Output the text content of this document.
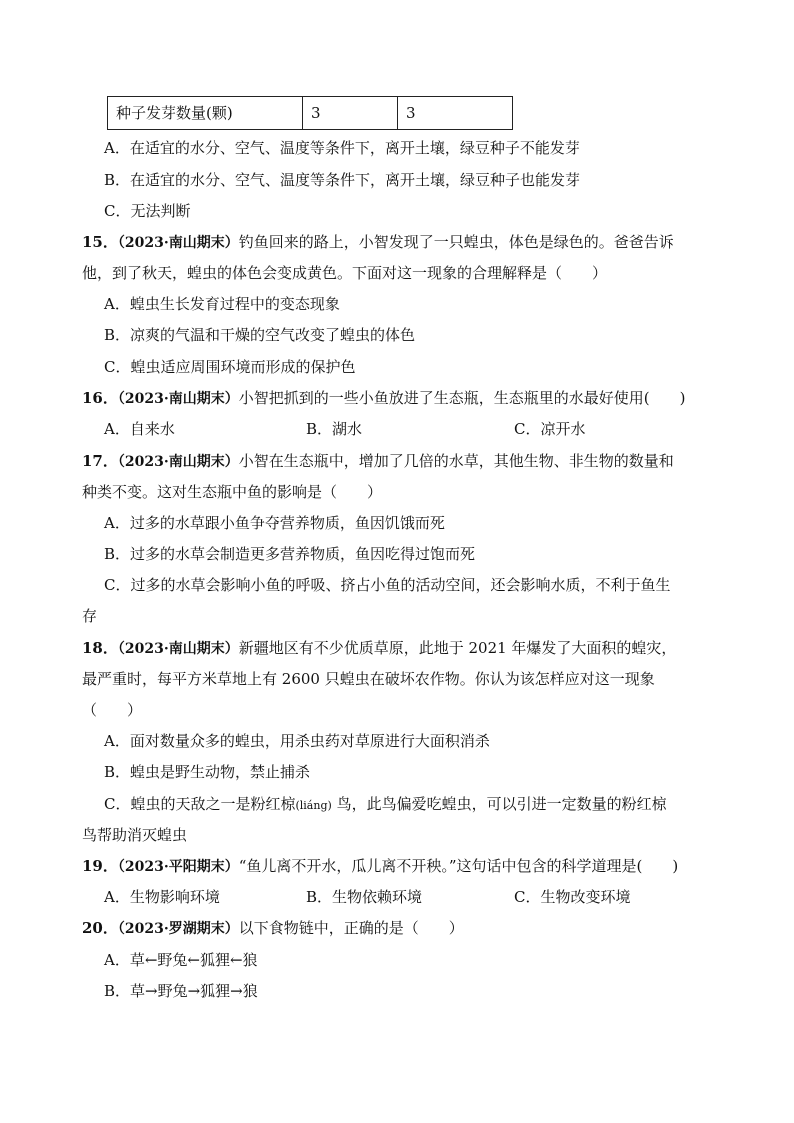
种子发芽数量(颗)	3	3
A．在适宜的水分、空气、温度等条件下，离开土壤，绿豆种子不能发芽
B．在适宜的水分、空气、温度等条件下，离开土壤，绿豆种子也能发芽
C．无法判断
15．（2023·南山期末）钓鱼回来的路上，小智发现了一只蝗虫，体色是绿色的。爸爸告诉
他，到了秋天，蝗虫的体色会变成黄色。下面对这一现象的合理解释是（　　）
A．蝗虫生长发育过程中的变态现象
B．凉爽的气温和干燥的空气改变了蝗虫的体色
C．蝗虫适应周围环境而形成的保护色
16．（2023·南山期末）小智把抓到的一些小鱼放进了生态瓶，生态瓶里的水最好使用(　　)
A．自来水	B．湖水	C．凉开水
17．（2023·南山期末）小智在生态瓶中，增加了几倍的水草，其他生物、非生物的数量和
种类不变。这对生态瓶中鱼的影响是（　　）
A．过多的水草跟小鱼争夺营养物质，鱼因饥饿而死
B．过多的水草会制造更多营养物质，鱼因吃得过饱而死
C．过多的水草会影响小鱼的呼吸、挤占小鱼的活动空间，还会影响水质，不利于鱼生
存
18．（2023·南山期末）新疆地区有不少优质草原，此地于 2021 年爆发了大面积的蝗灾，
最严重时，每平方米草地上有 2600 只蝗虫在破坏农作物。你认为该怎样应对这一现象
（　　）
A．面对数量众多的蝗虫，用杀虫药对草原进行大面积消杀
B．蝗虫是野生动物，禁止捕杀
C．蝗虫的天敌之一是粉红椋(liáng) 鸟，此鸟偏爱吃蝗虫，可以引进一定数量的粉红椋
鸟帮助消灭蝗虫
19．（2023·平阳期末）“鱼儿离不开水，瓜儿离不开秧。”这句话中包含的科学道理是(　　)
A．生物影响环境	B．生物依赖环境	C．生物改变环境
20．（2023·罗湖期末）以下食物链中，正确的是（　　）
A．草←野兔←狐狸←狼
B．草→野兔→狐狸→狼
